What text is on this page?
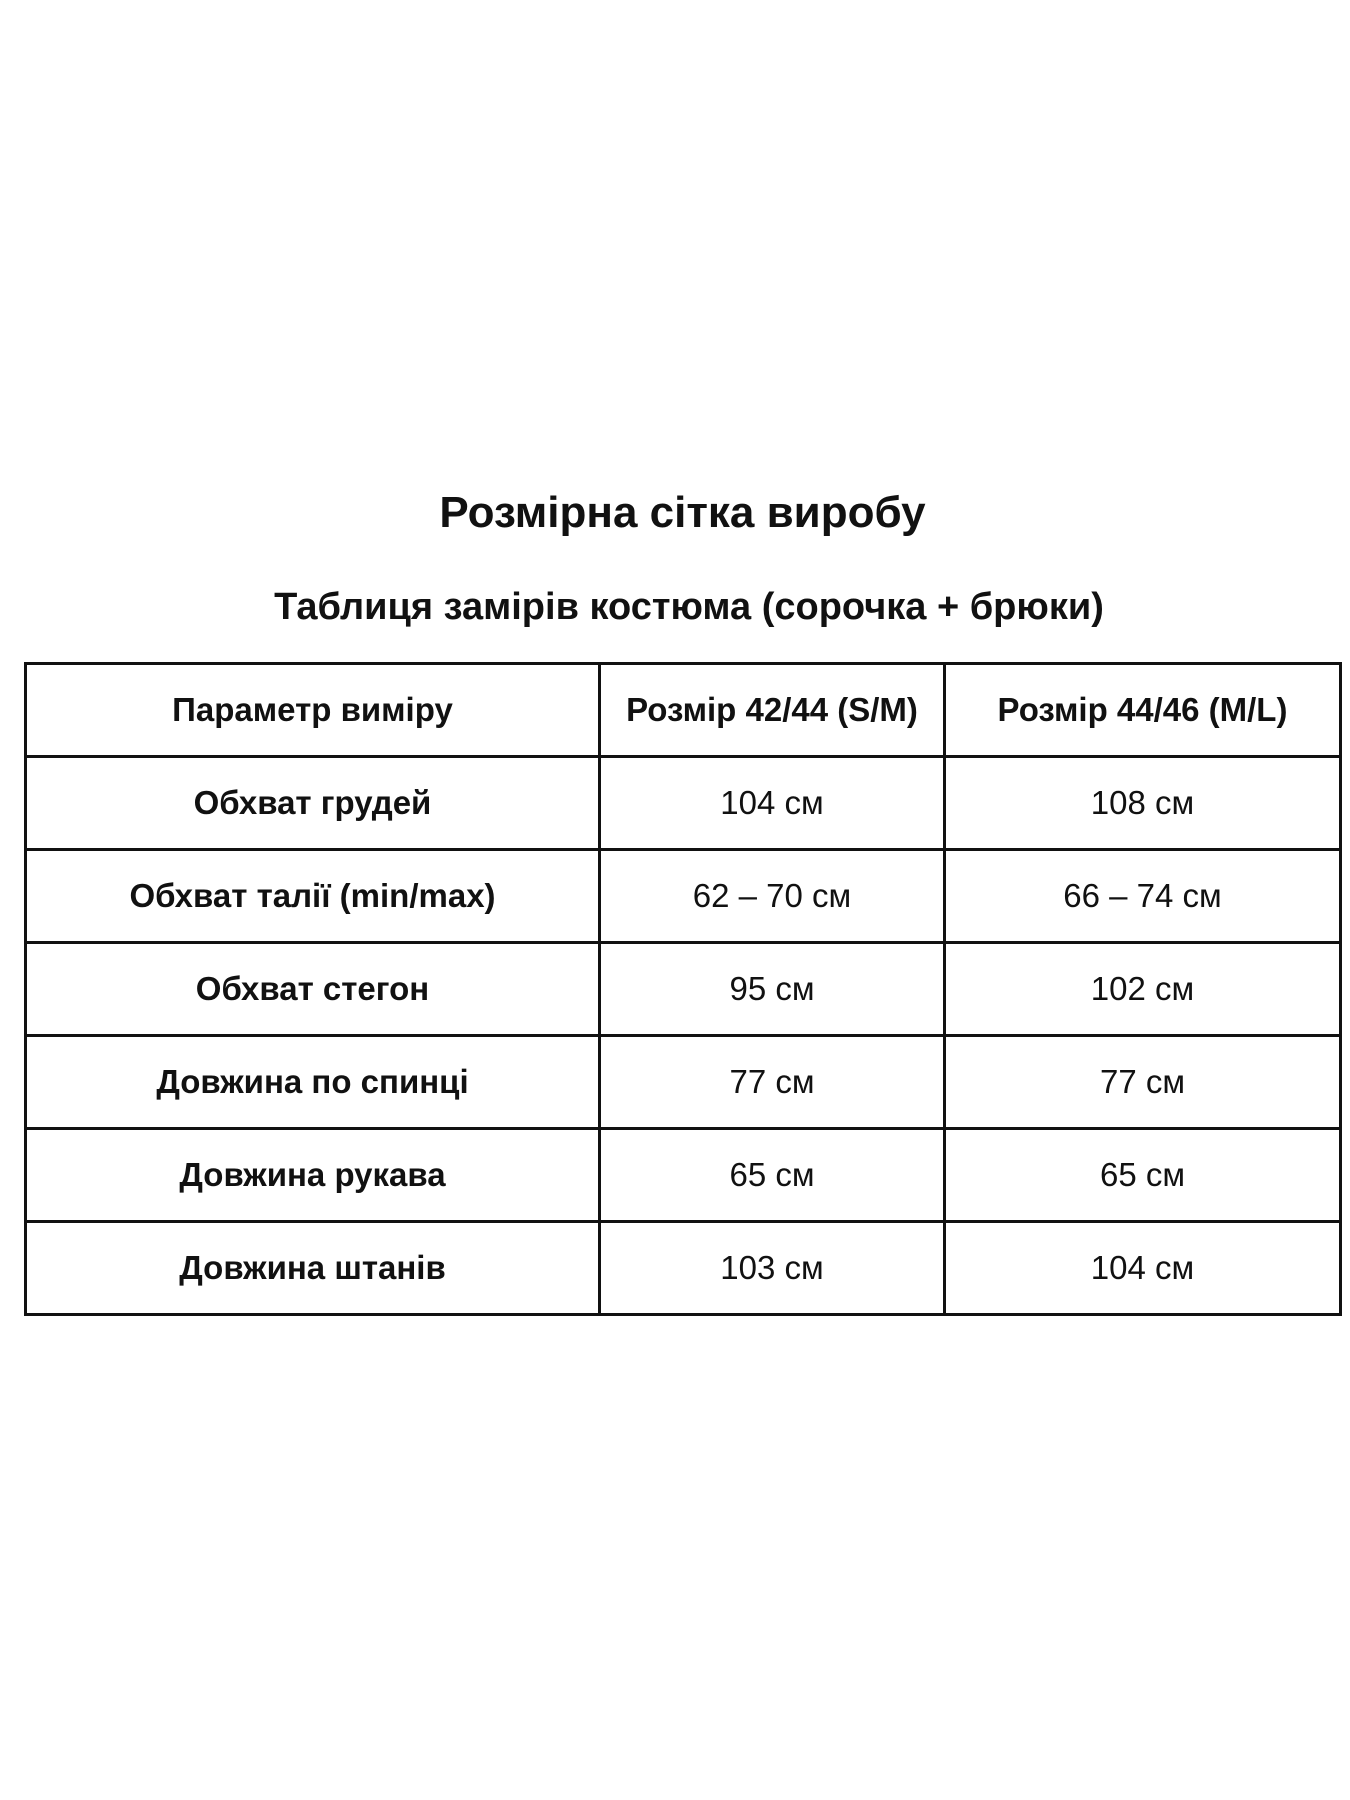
Розмірна сітка виробу
Таблиця замірів костюма (сорочка + брюки)
Параметр виміру	Розмір 42/44 (S/M)	Розмір 44/46 (M/L)
Обхват грудей	104 см	108 см
Обхват талії (min/max)	62 – 70 см	66 – 74 см
Обхват стегон	95 см	102 см
Довжина по спинці	77 см	77 см
Довжина рукава	65 см	65 см
Довжина штанів	103 см	104 см
